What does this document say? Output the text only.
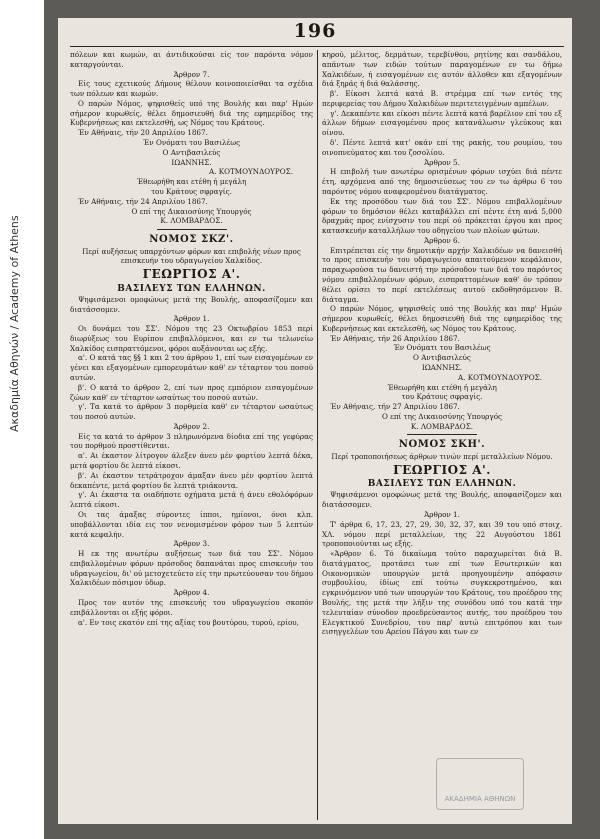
Ακαδημία Αθηνών / Academy of Athens
196

πόλεων και κωμών, αι άντιδικούσαι είς τον παρόντα νόμον καταργούνται.

Άρθρον 7.

Είς τους εχετικούς Δήμους θέλουν κοινοποιείσθαι τα σχέδια των πόλεων και κωμών.

Ο παρών Νόμος, ψηφισθείς υπό της Βουλής και παρ' Ημών σήμερον κυρωθείς, θέλει δημοσιευθή διά της εφημερίδος της Κυβερνήσεως και εκτελεσθή, ως Νόμος του Κράτους.

Έν Αθήναις, τήν 20 Απριλίου 1867.

Έν Ονόματι του Βασιλέως

Ο Αντιβασιλεύς

ΙΩΑΝΝΗΣ.

Α. ΚΟΤΜΟΥΝΔΟΥΡΟΣ.

Έθεωρήθη και ετέθη ή μεγάλη

του Κράτους σφραγίς.

Έν Αθήναις, τήν 24 Απριλίου 1867.

Ο επί της Δικαιοσύνης Υπουργός

Κ. ΛΟΜΒΑΡΔΟΣ.

ΝΟΜΟΣ ΣΚΖ'.

Περί αυξήσεως υπαρχόντων φόρων και επιβολής νέων προς επισκευήν του υδραγωγείου Χαλκίδος.

ΓΕΩΡΓΙΟΣ Α'.

ΒΑΣΙΛΕΥΣ ΤΩΝ ΕΛΛΗΝΩΝ.

Ψηφισάμενοι ομοφώνως μετά της Βουλής, αποφασίζομεν και διατάσσομεν.

Άρθρον 1.

Οι δυνάμει του ΣΣ'. Νόμου της 23 Οκτωβρίου 1853 περί διωρύξεως του Ευρίπου επιβαλλόμενοι, και εν τω τελωνείω Χαλκίδος εισπραττόμενοι, φόροι αυξάνονται ως εξής.

α'. Ο κατά τας §§ 1 και 2 του άρθρου 1, επί των εισαγομένων εν γένει και εξαγομένων εμπορευμάτων καθ' εν τέταρτον του ποσού αυτών.

β'. Ο κατά το άρθρον 2, επί των προς εμπόριον εισαγομένων ζώων καθ' εν τέταρτον ωσαύτως του ποσού αυτών.

γ'. Τα κατά το άρθρον 3 πορθμεία καθ' εν τέταρτον ωσαύτως του ποσού αυτών.

Άρθρον 2.

Είς τα κατά το άρθρον 3 πληρωνόμενα δίοδια επί της γεφύρας του πορθμού προστίθενται.

α'. Αι έκαστον λίτρογον άλεξεν άνευ μέν φορτίου λεπτά δέκα, μετά φορτίου δε λεπτά είκοσι.

β'. Αι έκαστον τετράτροχον άμαξαν άνευ μέν φορτίου λεπτά δεκαπέντε, μετά φορτίου δε λεπτά τριάκοντα.

γ'. Αι έκαστα τα οιαδήποτε οχήματα μετά ή άνευ εθολόφόρων λεπτά είκοσι.

Οι τας άμαξας σύροντες ίπποι, ημίονοι, όνοι κλπ. υποβάλλονται ιδία εις τον νενομισμένον φόρον των 5 λεπτών κατά κεφαλήν.

Άρθρον 3.

Η εκ της ανωτέρω αυξήσεως των διά του ΣΣ'. Νόμου επιβαλλομένων φόρων πρόσοδος δαπανάται προς επισκευήν του υδραγωγείου, δι' ού μετοχετεύετο είς την πρωτεύουσαν του δήμου Χαλκιδέων πόσιμον ύδωρ.

Άρθρον 4.

Προς τον αυτόν της επισκευής του υδραγωγείου σκοπόν επιβάλλονται οι εξής φόροι.

α'. Εν τοις εκατόν επί της αξίας του βουτύρου, τυρού, ερίου,

κηρού, μέλιτος, δερμάτων, τερεβίνθου, ρητίνης και σανδάλου, απάντων των ειδών τούτων παραγομένων εν τω δήμω Χαλκιδέων, ή εισαγομένων εις αυτόν άλλοθεν και εξαγομένων διά ξηράς ή διά θαλάσσης.

β'. Είκοσι λεπτά κατά Β. στρέμμα επί των εντός της περιφερείας του Δήμου Χαλκιδέων περιτετειγμένων αμπέλων.

γ'. Δεκαπέντε και είκοσι πέντε λεπτά κατά βαρέλιον επί του εξ άλλων δήμων εισαγομένου προς κατανάλωσιν γλεύκους και οίνου.

δ'. Πέντε λεπτά κατ' οκάν επί της ρακής, του ρουμίου, του οινοπνεύματος και του ζοσολίου.

Άρθρον 5.

Η επιβολή των ανωτέρω ορισμένων φόρων ισχύει διά πέντε έτη, αρχόμενα από της δημοσιεύσεως του εν τω άρθρω 6 του παρόντος νόμου αναφερομένου διατάγματος.

Εκ της προσόδου των διά του ΣΣ'. Νόμου επιβαλλομένων φόρων το δημόσιον θέλει καταβάλλει επί πέντε έτη ανά 5,000 δραχμάς προς ενίσχυσιν του περί ού πρόκειται έργου και προς κατασκευήν καταλλήλων του οδηγείου των πλοίων φώτων.

Άρθρον 6.

Επιτρέπεται είς την δημοτικήν αρχήν Χαλκιδέων να δανεισθή το προς επισκευήν του υδραγωγείου απαιτούμενον κεφάλαιον, παραχωρούσα τω δανειστή την πρόσοδον των διά του παρόντος νόμου επιβαλλομένων φόρων, εισπραττομένων καθ' όν τρόπον θέλει ορίσει το περί εκτελέσεως αυτού εκδοθησόμενον Β. διάταγμα.

Ο παρών Νόμος, ψηφισθείς υπό της Βουλής και παρ' Ημών σήμερον κυρωθείς, θέλει δημοσιευθή διά της εφημερίδος της Κυβερνήσεως και εκτελεσθή, ως Νόμος του Κράτους.

Έν Αθήναις, τήν 26 Απριλίου 1867.

Έν Ονόματι του Βασιλέως

Ο Αντιβασιλεύς

ΙΩΑΝΝΗΣ.

Α. ΚΟΤΜΟΥΝΔΟΥΡΟΣ.

Έθεωρήθη και ετέθη ή μεγάλη

του Κράτους σφραγίς.

Έν Αθήναις, τήν 27 Απριλίου 1867.

Ο επί της Δικαιοσύνης Υπουργός

Κ. ΛΟΜΒΑΡΔΟΣ.

ΝΟΜΟΣ ΣΚΗ'.

Περί τροποποιήσεως άρθρων τινών περί μεταλλείων Νόμου.

ΓΕΩΡΓΙΟΣ Α'.

ΒΑΣΙΛΕΥΣ ΤΩΝ ΕΛΛΗΝΩΝ.

Ψηφισάμενοι ομοφώνως μετά της Βουλής, αποφασίζομεν και διατάσσομεν.

Άρθρον 1.

Τ' άρθρα 6, 17, 23, 27, 29, 30, 32, 37, και 39 του υπό στοιχ. ΧΛ. νόμου περί μεταλλείων, της 22 Αυγούστου 1861 τροποποιούνται ως εξής.

«Άρθρον 6. Τό δικαίωμα τούτο παραχωρείται διά Β. διατάγματος, προτάσει των επί των Εσωτερικών και Οικονομικών υπουργών μετά προηγουμένην απόφασιν συμβουλίου, ίδίως επί τούτω συγκεκροτημένου, και εγκρινόμενον υπό των υπουργών του Κράτους, του προέδρου της Βουλής, της μετά την λήξιν της συνόδου υπό του κατά την τελευταίαν σύνοδον προεδρεύσαντος αυτής, του προέδρου του Ελεγκτικού Συνεδρίου, του παρ' αυτώ επιτρόπου και των εισηγγελέων του Αρείου Πάγου και των εν

ΑΚΑΔΗΜΙΑ ΑΘΗΝΩΝ
